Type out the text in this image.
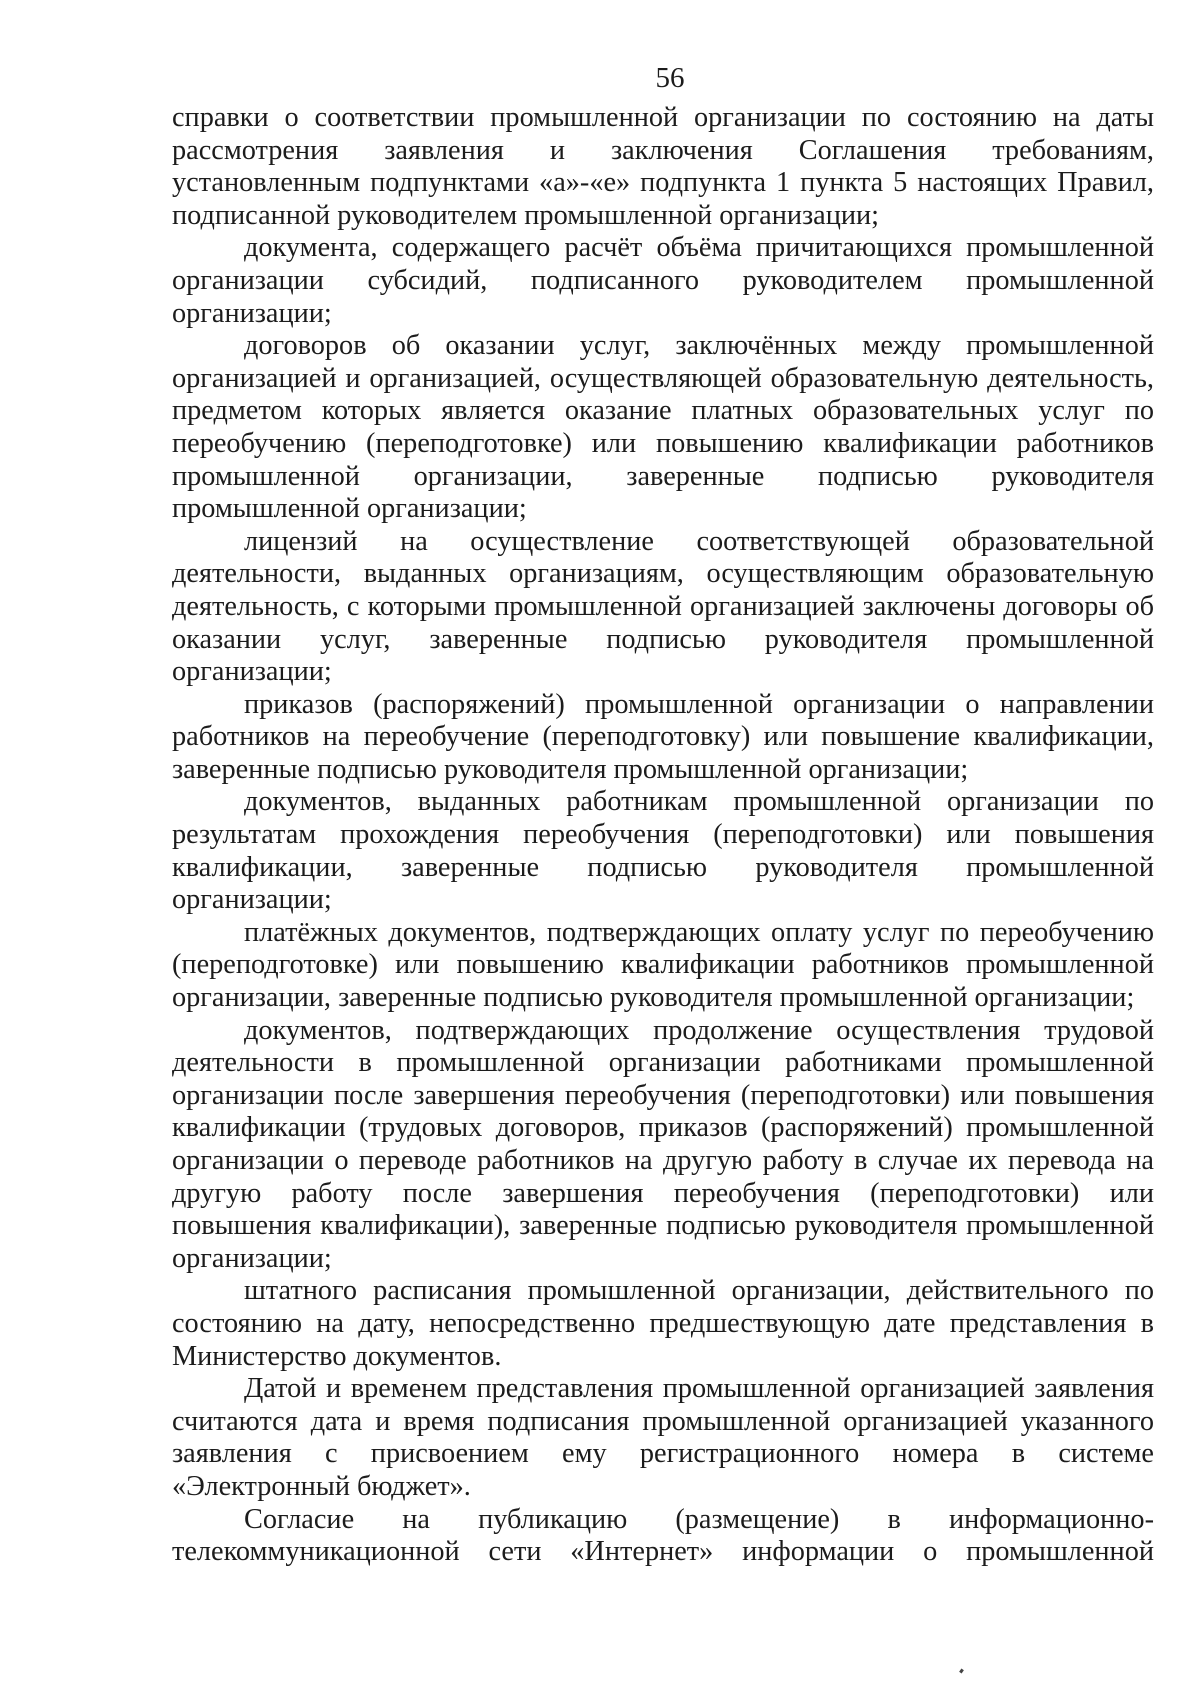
56

справки о соответствии промышленной организации по состоянию на даты рассмотрения заявления и заключения Соглашения требованиям, установленным подпунктами «а»-«е» подпункта 1 пункта 5 настоящих Правил, подписанной руководителем промышленной организации;

документа, содержащего расчёт объёма причитающихся промышленной организации субсидий, подписанного руководителем промышленной организации;

договоров об оказании услуг, заключённых между промышленной организацией и организацией, осуществляющей образовательную деятельность, предметом которых является оказание платных образовательных услуг по переобучению (переподготовке) или повышению квалификации работников промышленной организации, заверенные подписью руководителя промышленной организации;

лицензий на осуществление соответствующей образовательной деятельности, выданных организациям, осуществляющим образовательную деятельность, с которыми промышленной организацией заключены договоры об оказании услуг, заверенные подписью руководителя промышленной организации;

приказов (распоряжений) промышленной организации о направлении работников на переобучение (переподготовку) или повышение квалификации, заверенные подписью руководителя промышленной организации;

документов, выданных работникам промышленной организации по результатам прохождения переобучения (переподготовки) или повышения квалификации, заверенные подписью руководителя промышленной организации;

платёжных документов, подтверждающих оплату услуг по переобучению (переподготовке) или повышению квалификации работников промышленной организации, заверенные подписью руководителя промышленной организации;

документов, подтверждающих продолжение осуществления трудовой деятельности в промышленной организации работниками промышленной организации после завершения переобучения (переподготовки) или повышения квалификации (трудовых договоров, приказов (распоряжений) промышленной организации о переводе работников на другую работу в случае их перевода на другую работу после завершения переобучения (переподготовки) или повышения квалификации), заверенные подписью руководителя промышленной организации;

штатного расписания промышленной организации, действительного по состоянию на дату, непосредственно предшествующую дате представления в Министерство документов.

Датой и временем представления промышленной организацией заявления считаются дата и время подписания промышленной организацией указанного заявления с присвоением ему регистрационного номера в системе «Электронный бюджет».

Согласие на публикацию (размещение) в информационно-телекоммуникационной сети «Интернет» информации о промышленной
